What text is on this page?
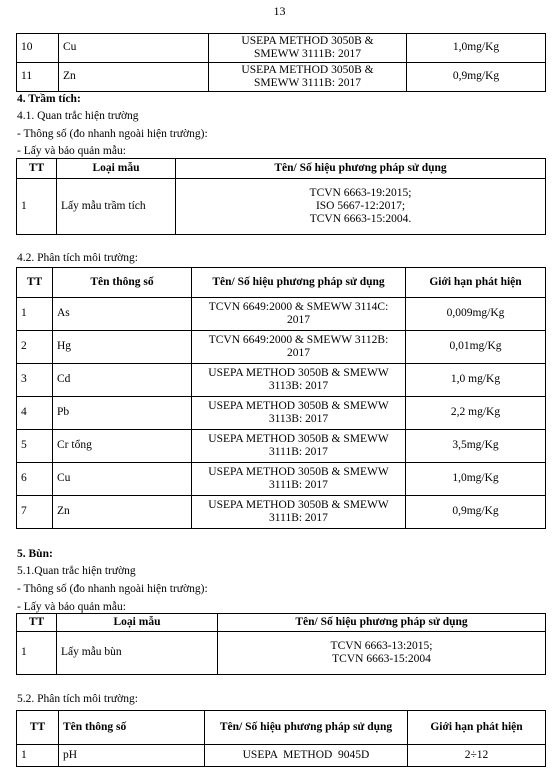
13
10	Cu	USEPA METHOD 3050B &
SMEWW 3111B: 2017	1,0mg/Kg
11	Zn	USEPA METHOD 3050B &
SMEWW 3111B: 2017	0,9mg/Kg
4. Trầm tích:
4.1. Quan trắc hiện trường
- Thông số (đo nhanh ngoài hiện trường):
- Lấy và bảo quản mẫu:
TT	Loại mẫu	Tên/ Số hiệu phương pháp sử dụng
1	Lấy mẫu trầm tích	TCVN 6663-19:2015;
ISO 5667-12:2017;
TCVN 6663-15:2004.
4.2. Phân tích môi trường:
TT	Tên thông số	Tên/ Số hiệu phương pháp sử dụng	Giới hạn phát hiện
1	As	TCVN 6649:2000 & SMEWW 3114C:
2017	0,009mg/Kg
2	Hg	TCVN 6649:2000 & SMEWW 3112B:
2017	0,01mg/Kg
3	Cd	USEPA METHOD 3050B & SMEWW
3113B: 2017	1,0 mg/Kg
4	Pb	USEPA METHOD 3050B & SMEWW
3113B: 2017	2,2 mg/Kg
5	Cr tổng	USEPA METHOD 3050B & SMEWW
3111B: 2017	3,5mg/Kg
6	Cu	USEPA METHOD 3050B & SMEWW
3111B: 2017	1,0mg/Kg
7	Zn	USEPA METHOD 3050B & SMEWW
3111B: 2017	0,9mg/Kg
5. Bùn:
5.1.Quan trắc hiện trường
- Thông số (đo nhanh ngoài hiện trường):
- Lấy và bảo quản mẫu:
TT	Loại mẫu	Tên/ Số hiệu phương pháp sử dụng
1	Lấy mẫu bùn	TCVN 6663-13:2015;
TCVN 6663-15:2004
5.2. Phân tích môi trường:
TT	Tên thông số	Tên/ Số hiệu phương pháp sử dụng	Giới hạn phát hiện
1	pH	USEPA  METHOD  9045D	2÷12
